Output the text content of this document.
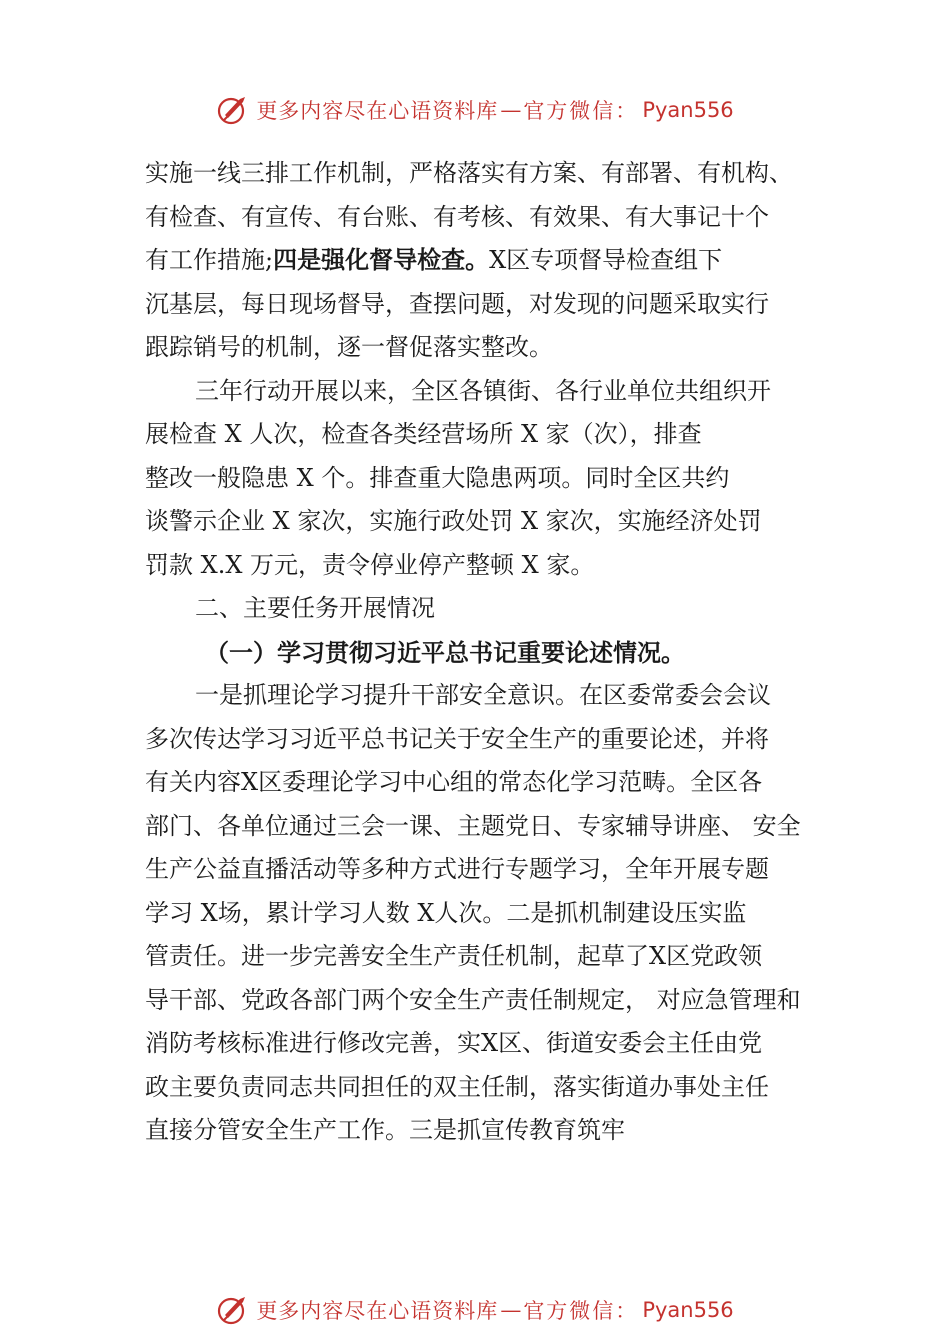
更多内容尽在心语资料库 — 官方微信： Pyan556
实施一线三排工作机制，严格落实有方案、有部署、有机构、
有检查、有宣传、有台账、有考核、有效果、有大事记十个
有工作措施;四是强化督导检查。X区专项督导检查组下
沉基层，每日现场督导，查摆问题，对发现的问题采取实行
跟踪销号的机制，逐一督促落实整改。
三年行动开展以来，全区各镇街、各行业单位共组织开
展检查 X 人次，检查各类经营场所 X 家（次），排查
整改一般隐患 X 个。排查重大隐患两项。同时全区共约
谈警示企业 X 家次，实施行政处罚 X 家次，实施经济处罚
罚款 X.X 万元，责令停业停产整顿 X 家。
二、主要任务开展情况
（一）学习贯彻习近平总书记重要论述情况。
一是抓理论学习提升干部安全意识。在区委常委会会议
多次传达学习习近平总书记关于安全生产的重要论述，并将
有关内容X区委理论学习中心组的常态化学习范畴。全区各
部门、各单位通过三会一课、主题党日、专家辅导讲座、 安全
生产公益直播活动等多种方式进行专题学习，全年开展专题
学习 X场，累计学习人数 X人次。二是抓机制建设压实监
管责任。进一步完善安全生产责任机制，起草了X区党政领
导干部、党政各部门两个安全生产责任制规定， 对应急管理和
消防考核标准进行修改完善，实X区、街道安委会主任由党
政主要负责同志共同担任的双主任制，落实街道办事处主任
直接分管安全生产工作。三是抓宣传教育筑牢
更多内容尽在心语资料库 — 官方微信： Pyan556
